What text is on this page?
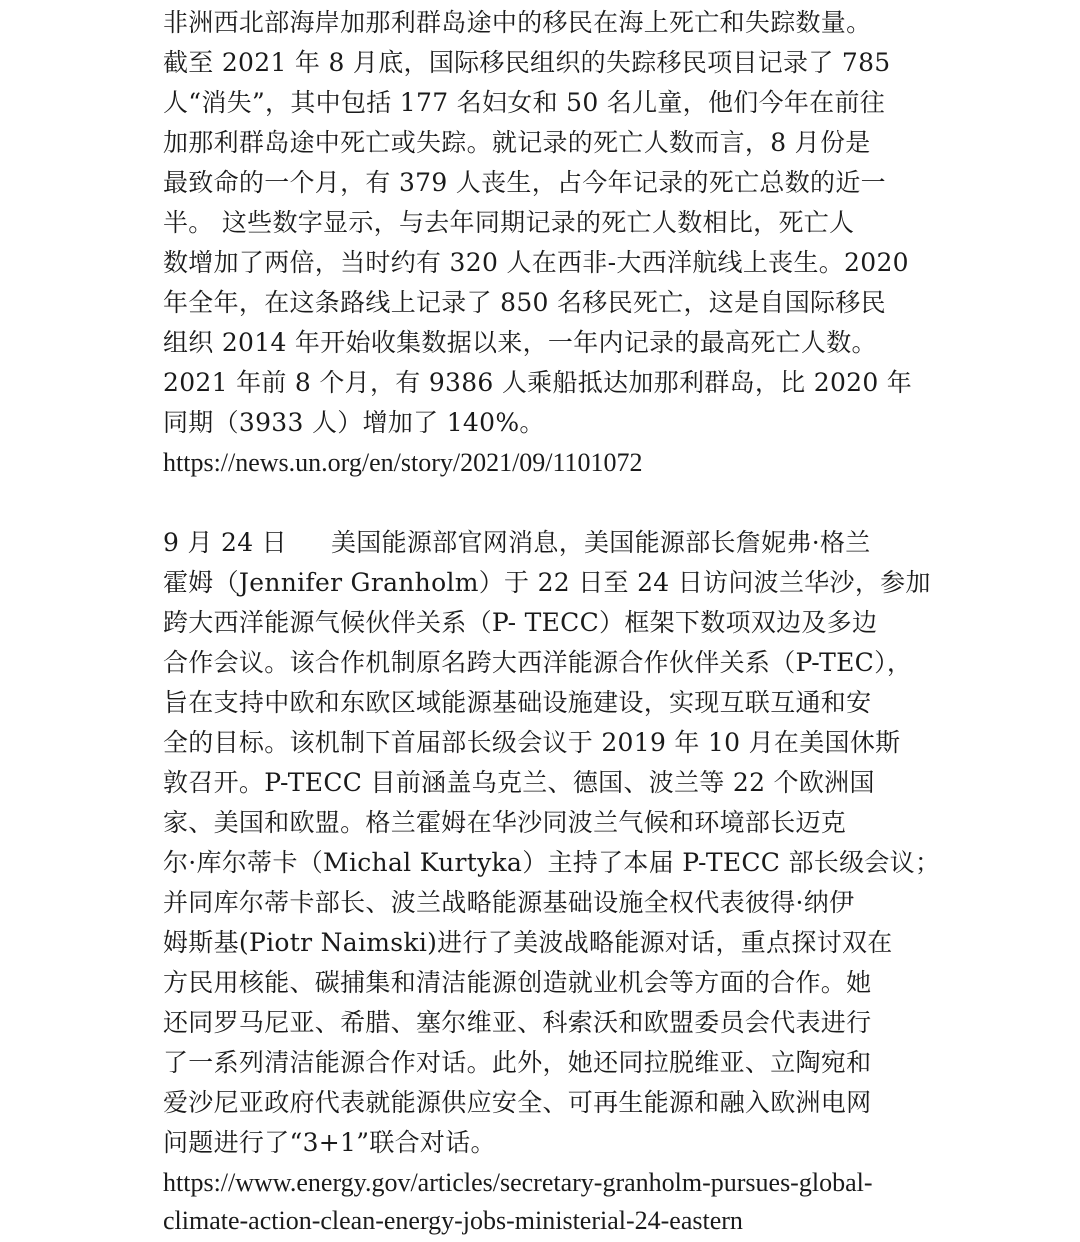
非洲西北部海岸加那利群岛途中的移民在海上死亡和失踪数量。
截至 2021 年 8 月底，国际移民组织的失踪移民项目记录了 785
人“消失”，其中包括 177 名妇女和 50 名儿童，他们今年在前往
加那利群岛途中死亡或失踪。就记录的死亡人数而言，8 月份是
最致命的一个月，有 379 人丧生，占今年记录的死亡总数的近一
半。 这些数字显示，与去年同期记录的死亡人数相比，死亡人
数增加了两倍，当时约有 320 人在西非-大西洋航线上丧生。2020
年全年，在这条路线上记录了 850 名移民死亡，这是自国际移民
组织 2014 年开始收集数据以来，一年内记录的最高死亡人数。
2021 年前 8 个月，有 9386 人乘船抵达加那利群岛，比 2020 年
同期（3933 人）增加了 140%。
https://news.un.org/en/story/2021/09/1101072
9 月 24 日 美国能源部官网消息，美国能源部长詹妮弗·格兰
霍姆（Jennifer Granholm）于 22 日至 24 日访问波兰华沙，参加
跨大西洋能源气候伙伴关系（P- TECC）框架下数项双边及多边
合作会议。该合作机制原名跨大西洋能源合作伙伴关系（P-TEC），
旨在支持中欧和东欧区域能源基础设施建设，实现互联互通和安
全的目标。该机制下首届部长级会议于 2019 年 10 月在美国休斯
敦召开。P-TECC 目前涵盖乌克兰、德国、波兰等 22 个欧洲国
家、美国和欧盟。格兰霍姆在华沙同波兰气候和环境部长迈克
尔·库尔蒂卡（Michal Kurtyka）主持了本届 P-TECC 部长级会议；
并同库尔蒂卡部长、波兰战略能源基础设施全权代表彼得·纳伊
姆斯基(Piotr Naimski)进行了美波战略能源对话，重点探讨双在
方民用核能、碳捕集和清洁能源创造就业机会等方面的合作。她
还同罗马尼亚、希腊、塞尔维亚、科索沃和欧盟委员会代表进行
了一系列清洁能源合作对话。此外，她还同拉脱维亚、立陶宛和
爱沙尼亚政府代表就能源供应安全、可再生能源和融入欧洲电网
问题进行了“3+1”联合对话。
https://www.energy.gov/articles/secretary-granholm-pursues-global-
climate-action-clean-energy-jobs-ministerial-24-eastern
